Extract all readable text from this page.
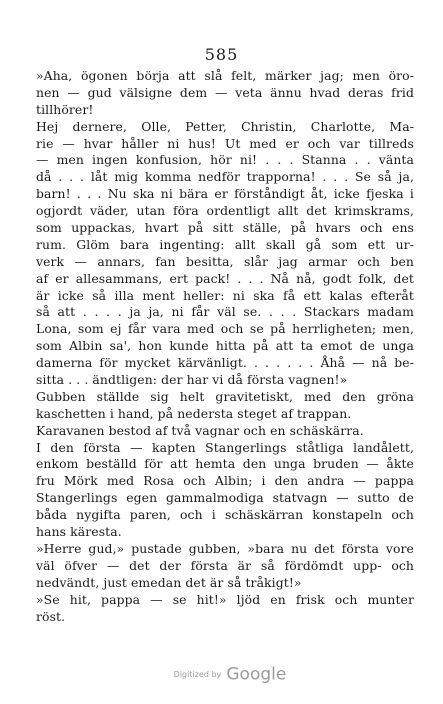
585
»Aha, ögonen börja att slå felt, märker jag; men öro-
nen — gud välsigne dem — veta ännu hvad deras frid
tillhörer!
Hej dernere, Olle, Petter, Christin, Charlotte, Ma-
rie — hvar håller ni hus! Ut med er och var tillreds
— men ingen konfusion, hör ni! . . . Stanna . . vänta
då . . . låt mig komma nedför trapporna! . . . Se så ja,
barn! . . . Nu ska ni bära er förståndigt åt, icke fjeska i
ogjordt väder, utan föra ordentligt allt det krimskrams,
som uppackas, hvart på sitt ställe, på hvars och ens
rum. Glöm bara ingenting: allt skall gå som ett ur-
verk — annars, fan besitta, slår jag armar och ben
af er allesammans, ert pack! . . . Nå nå, godt folk, det
är icke så illa ment heller: ni ska få ett kalas efteråt
så att . . . . ja ja, ni får väl se. . . . Stackars madam
Lona, som ej får vara med och se på herrligheten; men,
som Albin sa', hon kunde hitta på att ta emot de unga
damerna för mycket kärvänligt. . . . . . . Åhå — nå be-
sitta . . . ändtligen: der har vi då första vagnen!»
Gubben ställde sig helt gravitetiskt, med den gröna
kaschetten i hand, på nedersta steget af trappan.
Karavanen bestod af två vagnar och en schäskärra.
I den första — kapten Stangerlings ståtliga landålett,
enkom beställd för att hemta den unga bruden — åkte
fru Mörk med Rosa och Albin; i den andra — pappa
Stangerlings egen gammalmodiga statvagn — sutto de
båda nygifta paren, och i schäskärran konstapeln och
hans käresta.
»Herre gud,» pustade gubben, »bara nu det första vore
väl öfver — det der första är så fördömdt upp- och
nedvändt, just emedan det är så tråkigt!»
»Se hit, pappa — se hit!» ljöd en frisk och munter
röst.
Digitized by Google
